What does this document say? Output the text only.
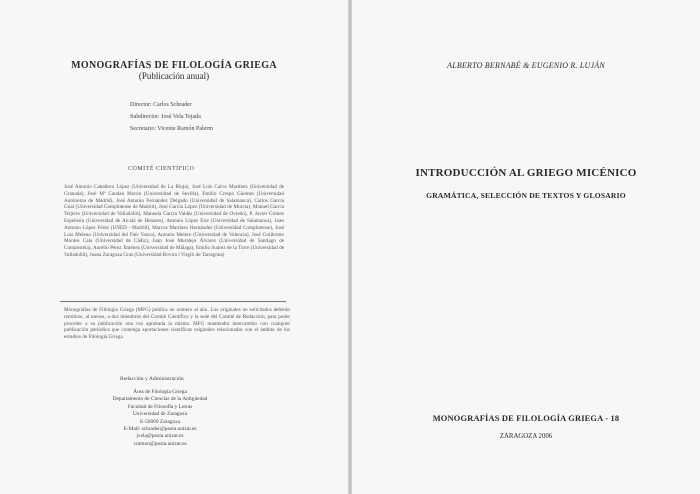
MONOGRAFÍAS DE FILOLOGÍA GRIEGA
(Publicación anual)
Director: Carlos Schrader
Subdirector: José Vela Tejada
Secretario: Vicente Ramón Palerm
COMITÉ CIENTÍFICO
José Antonio Caballero López (Universidad de La Rioja), José Luis Calvo Martínez (Universidad de Granada), José Mª Candau Morón (Universidad de Sevilla), Emilio Crespo Güemes (Universidad Autónoma de Madrid), José Antonio Fernández Delgado (Universidad de Salamanca), Carlos García Gual (Universidad Complutense de Madrid), José García López (Universidad de Murcia), Manuel García Teijeiro (Universidad de Valladolid), Manuela García Valdés (Universidad de Oviedo), P. Javier Gómez Espelosín (Universidad de Alcalá de Henares), Antonio López Eire (Universidad de Salamanca), Juan Antonio López Férez (UNED - Madrid), Marcos Martínez Hernández (Universidad Complutense), José Luis Melena (Universidad del País Vasco), Antonio Melero (Universidad de Valencia), José Guillermo Montes Cala (Universidad de Cádiz), Juan José Moralejo Álvarez (Universidad de Santiago de Compostela), Aurelio Pérez Jiménez (Universidad de Málaga), Emilio Suárez de la Torre (Universidad de Valladolid), Juana Zaragoza Gras (Universidad Rovira i Virgili de Tarragona)
Monografías de Filología Griega (MFG) publica un número al año. Los originales no solicitados deberán remitirse, al menos, a dos miembros del Comité Científico y la sede del Comité de Redacción, para poder proceder a su publicación una vez aprobada la misma. MFG mantendrá intercambio con cualquier publicación periódica que contenga aportaciones científicas originales relacionadas con el ámbito de los estudios de Filología Griega.
Redacción y Administración
Área de Filología Griega
Departamento de Ciencias de la Antigüedad
Facultad de Filosofía y Letras
Universidad de Zaragoza
E-50009 Zaragoza
E-Mail: schrader@posta.unizar.es
jvela@posta.unizar.es
vramon@posta.unizar.es
ALBERTO BERNABÉ & EUGENIO R. LUJÁN
INTRODUCCIÓN AL GRIEGO MICÉNICO
GRAMÁTICA, SELECCIÓN DE TEXTOS Y GLOSARIO
MONOGRAFÍAS DE FILOLOGÍA GRIEGA - 18
ZARAGOZA 2006
